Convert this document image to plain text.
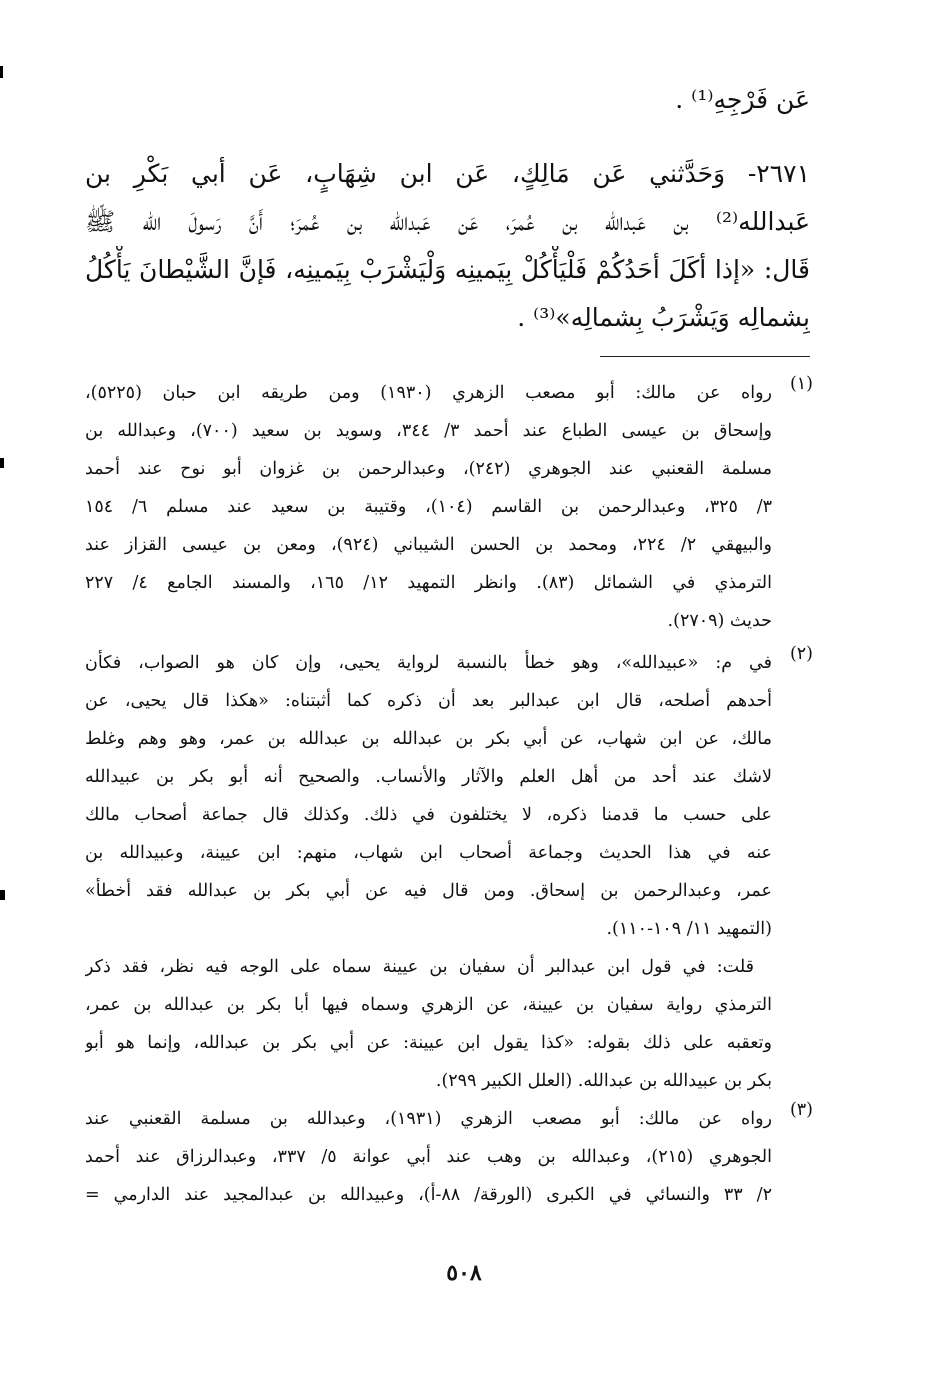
عَن فَرْجِهِ⁽¹⁾ .
٢٦٧١- وَحَدَّثني عَن مَالِكٍ، عَن ابن شِهَابٍ، عَن أبي بَكْرِ بن
عَبدالله⁽²⁾ بن عَبدالله بن عُمرَ، عَن عَبدالله بن عُمرَ؛ أَنَّ رَسولَ الله ﷺ
قَال: «إذا أكَلَ أحَدُكُمْ فَلْيَأْكُلْ بِيَمينِه وَلْيَشْرَبْ بِيَمينِه، فَإنَّ الشَّيْطانَ يَأْكُلُ
بِشمالِه وَيَشْرَبُ بِشمالِه»⁽³⁾ .
(١)
رواه عن مالك: أبو مصعب الزهري (١٩٣٠) ومن طريقه ابن حبان (٥٢٢٥)،
وإسحاق بن عيسى الطباع عند أحمد ٣/ ٣٤٤، وسويد بن سعيد (٧٠٠)، وعبدالله بن
مسلمة القعنبي عند الجوهري (٢٤٢)، وعبدالرحمن بن غزوان أبو نوح عند أحمد
٣/ ٣٢٥، وعبدالرحمن بن القاسم (١٠٤)، وقتيبة بن سعيد عند مسلم ٦/ ١٥٤
والبيهقي ٢/ ٢٢٤، ومحمد بن الحسن الشيباني (٩٢٤)، ومعن بن عيسى القزاز عند
الترمذي في الشمائل (٨٣). وانظر التمهيد ١٢/ ١٦٥، والمسند الجامع ٤/ ٢٢٧
حديث (٢٧٠٩).
(٢)
في م: «عبيدالله»، وهو خطأ بالنسبة لرواية يحيى، وإن كان هو الصواب، فكأن
أحدهم أصلحه، قال ابن عبدالبر بعد أن ذكره كما أثبتناه: «هكذا قال يحيى، عن
مالك، عن ابن شهاب، عن أبي بكر بن عبدالله بن عبدالله بن عمر، وهو وهم وغلط
لاشك عند أحد من أهل العلم والآثار والأنساب. والصحيح أنه أبو بكر بن عبيدالله
على حسب ما قدمنا ذكره، لا يختلفون في ذلك. وكذلك قال جماعة أصحاب مالك
عنه في هذا الحديث وجماعة أصحاب ابن شهاب، منهم: ابن عيينة، وعبيدالله بن
عمر، وعبدالرحمن بن إسحاق. ومن قال فيه عن أبي بكر بن عبدالله فقد أخطأ»
(التمهيد ١١/ ١٠٩-١١٠).
قلت: في قول ابن عبدالبر أن سفيان بن عيينة سماه على الوجه فيه نظر، فقد ذكر
الترمذي رواية سفيان بن عيينة، عن الزهري وسماه فيها أبا بكر بن عبدالله بن عمر،
وتعقبه على ذلك بقوله: «كذا يقول ابن عيينة: عن أبي بكر بن عبدالله، وإنما هو أبو
بكر بن عبيدالله بن عبدالله. (العلل الكبير ٢٩٩).
(٣)
رواه عن مالك: أبو مصعب الزهري (١٩٣١)، وعبدالله بن مسلمة القعنبي عند
الجوهري (٢١٥)، وعبدالله بن وهب عند أبي عوانة ٥/ ٣٣٧، وعبدالرزاق عند أحمد
٢/ ٣٣ والنسائي في الكبرى (الورقة/ ٨٨-أ)، وعبيدالله بن عبدالمجيد عند الدارمي =
٥٠٨
